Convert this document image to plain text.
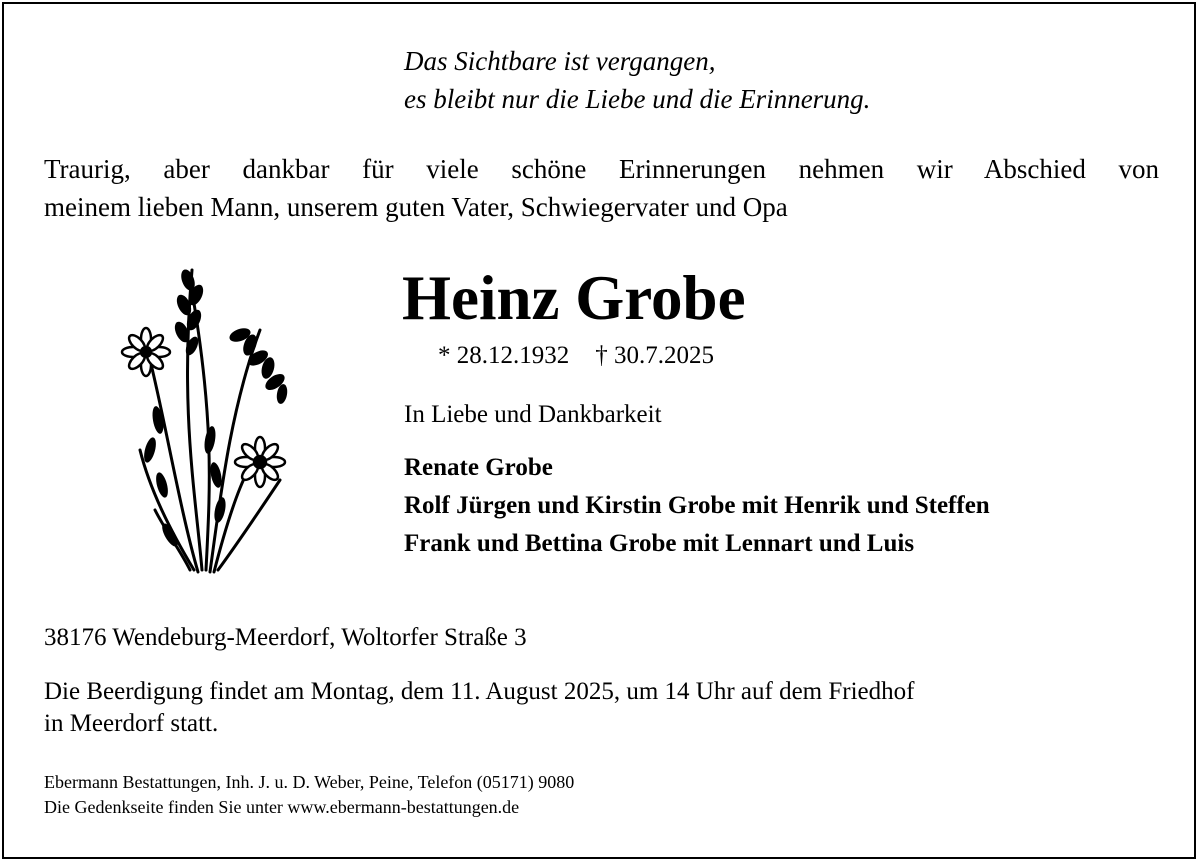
Das Sichtbare ist vergangen,
es bleibt nur die Liebe und die Erinnerung.
Traurig, aber dankbar für viele schöne Erinnerungen nehmen wir Abschied von
meinem lieben Mann, unserem guten Vater, Schwiegervater und Opa
Heinz Grobe
* 28.12.1932 † 30.7.2025
In Liebe und Dankbarkeit
Renate Grobe
Rolf Jürgen und Kirstin Grobe mit Henrik und Steffen
Frank und Bettina Grobe mit Lennart und Luis
38176 Wendeburg-Meerdorf, Woltorfer Straße 3
Die Beerdigung findet am Montag, dem 11. August 2025, um 14 Uhr auf dem Friedhof
in Meerdorf statt.
Ebermann Bestattungen, Inh. J. u. D. Weber, Peine, Telefon (05171) 9080
Die Gedenkseite finden Sie unter www.ebermann-bestattungen.de
